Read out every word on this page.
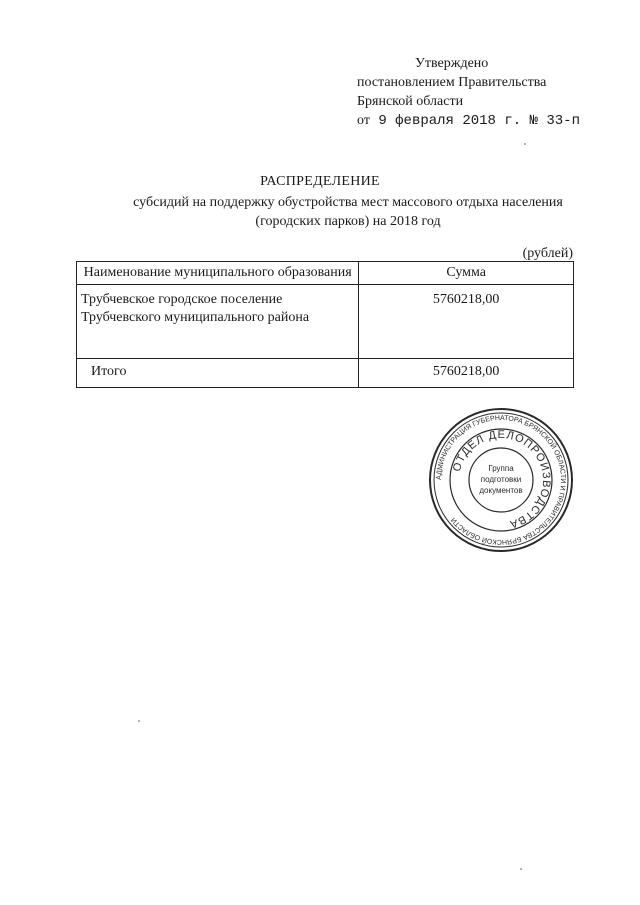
Утверждено
постановлением Правительства
Брянской области
от 9 февраля 2018 г. № 33-п
РАСПРЕДЕЛЕНИЕ
субсидий на поддержку обустройства мест массового отдыха населения
(городских парков) на 2018 год
(рублей)
Наименование муниципального образования	Сумма
Трубчевское городское поселение Трубчевского муниципального района	5760218,00
Итого	5760218,00
АДМИНИСТРАЦИЯ ГУБЕРНАТОРА БРЯНСКОЙ ОБЛАСТИ И ПРАВИТЕЛЬСТВА БРЯНСКОЙ ОБЛАСТИ
ОТДЕЛ ДЕЛОПРОИЗВОДСТВА
Группа
подготовки
документов
